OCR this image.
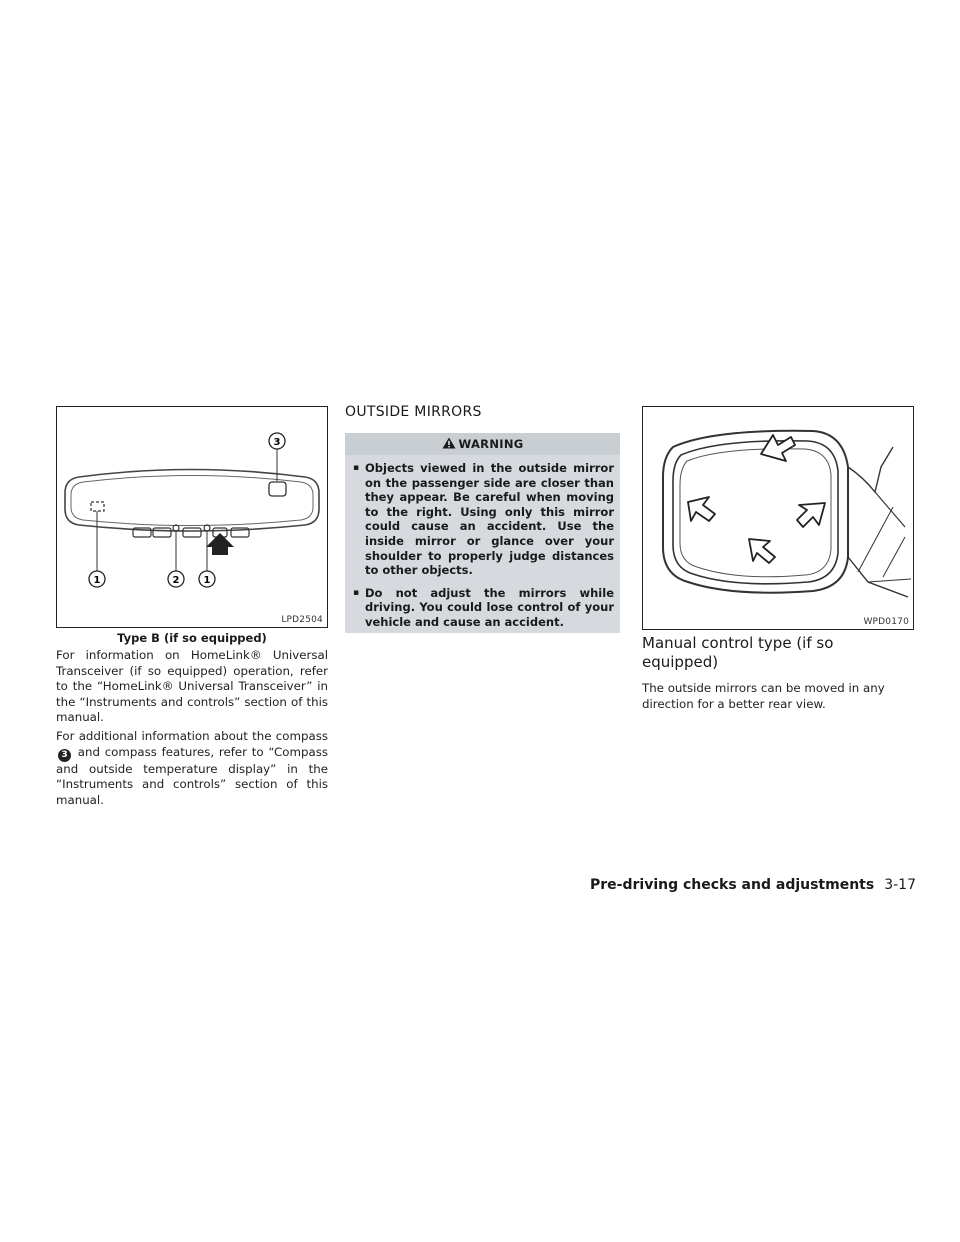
3
1	2 1
LPD2504
Type B (if so equipped)

For information on HomeLink® Universal Transceiver (if so equipped) operation, refer to the “HomeLink® Universal Transceiver” in the “Instruments and controls” section of this manual.

For additional information about the compass 3 and compass features, refer to “Compass and outside temperature display” in the “Instruments and controls” section of this manual.

OUTSIDE MIRRORS
WARNING
▪ Objects viewed in the outside mirror on the passenger side are closer than they appear. Be careful when moving to the right. Using only this mirror could cause an accident. Use the inside mirror or glance over your shoulder to properly judge distances to other objects.
▪ Do not adjust the mirrors while driving. You could lose control of your vehicle and cause an accident.	WPD0170
Manual control type (if so equipped)
The outside mirrors can be moved in any direction for a better rear view.
Pre-driving checks and adjustments 3-17
